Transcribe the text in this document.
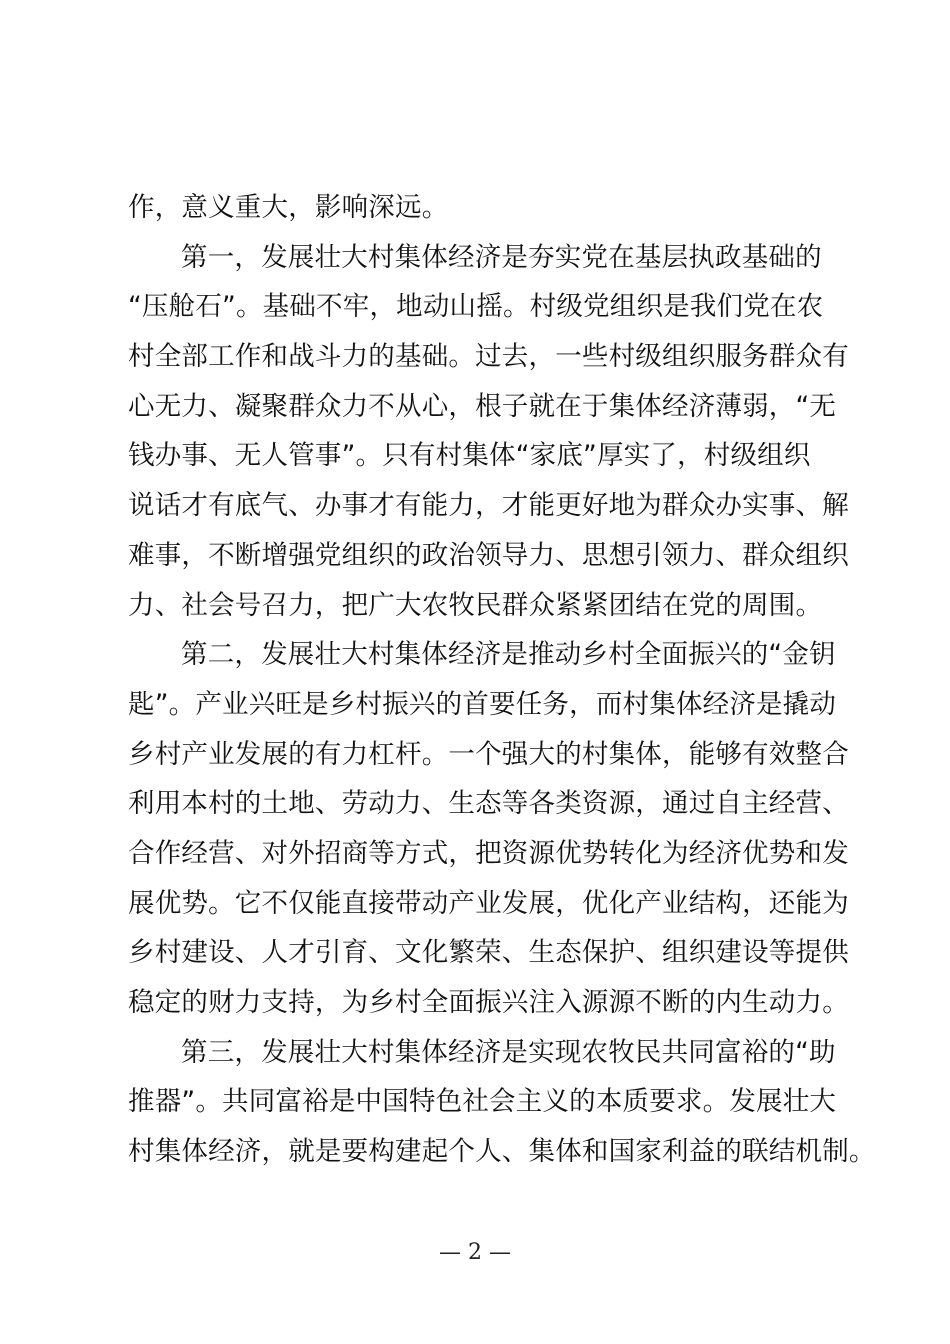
作，意义重大，影响深远。
第一，发展壮大村集体经济是夯实党在基层执政基础的
“压舱石”。基础不牢，地动山摇。村级党组织是我们党在农
村全部工作和战斗力的基础。过去，一些村级组织服务群众有
心无力、凝聚群众力不从心，根子就在于集体经济薄弱，“无
钱办事、无人管事”。只有村集体“家底”厚实了，村级组织
说话才有底气、办事才有能力，才能更好地为群众办实事、解
难事，不断增强党组织的政治领导力、思想引领力、群众组织
力、社会号召力，把广大农牧民群众紧紧团结在党的周围。
第二，发展壮大村集体经济是推动乡村全面振兴的“金钥
匙”。产业兴旺是乡村振兴的首要任务，而村集体经济是撬动
乡村产业发展的有力杠杆。一个强大的村集体，能够有效整合
利用本村的土地、劳动力、生态等各类资源，通过自主经营、
合作经营、对外招商等方式，把资源优势转化为经济优势和发
展优势。它不仅能直接带动产业发展，优化产业结构，还能为
乡村建设、人才引育、文化繁荣、生态保护、组织建设等提供
稳定的财力支持，为乡村全面振兴注入源源不断的内生动力。
第三，发展壮大村集体经济是实现农牧民共同富裕的“助
推器”。共同富裕是中国特色社会主义的本质要求。发展壮大
村集体经济，就是要构建起个人、集体和国家利益的联结机制。
— 2 —
